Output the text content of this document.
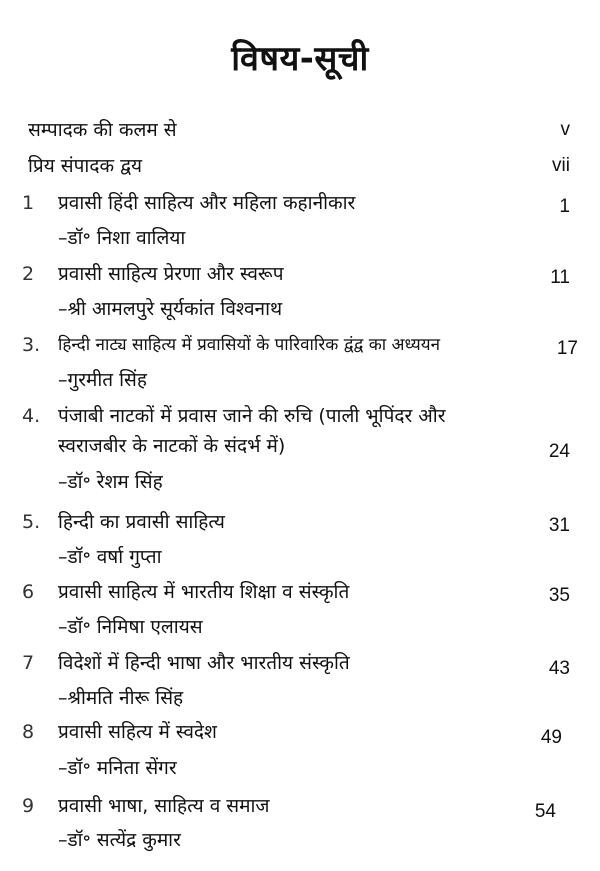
विषय-सूची
सम्पादक की कलम से	v
प्रिय संपादक द्वय	vii
1	प्रवासी हिंदी साहित्य और महिला कहानीकार	1
–डॉ॰ निशा वालिया
2	प्रवासी साहित्य प्रेरणा और स्वरूप	11
–श्री आमलपुरे सूर्यकांत विश्वनाथ
3. हिन्दी नाट्य साहित्य में प्रवासियों के पारिवारिक द्वंद्व का अध्ययन	17
–गुरमीत सिंह
4. पंजाबी नाटकों में प्रवास जाने की रुचि (पाली भूपिंदर और स्वराजबीर के नाटकों के संदर्भ में)	24
–डॉ॰ रेशम सिंह
5. हिन्दी का प्रवासी साहित्य	31
–डॉ॰ वर्षा गुप्ता
6	प्रवासी साहित्य में भारतीय शिक्षा व संस्कृति	35
–डॉ॰ निमिषा एलायस
7	विदेशों में हिन्दी भाषा और भारतीय संस्कृति	43
–श्रीमति नीरू सिंह
8	प्रवासी सहित्य में स्वदेश	49
–डॉ॰ मनिता सेंगर
9	प्रवासी भाषा, साहित्य व समाज	54
–डॉ॰ सत्येंद्र कुमार
